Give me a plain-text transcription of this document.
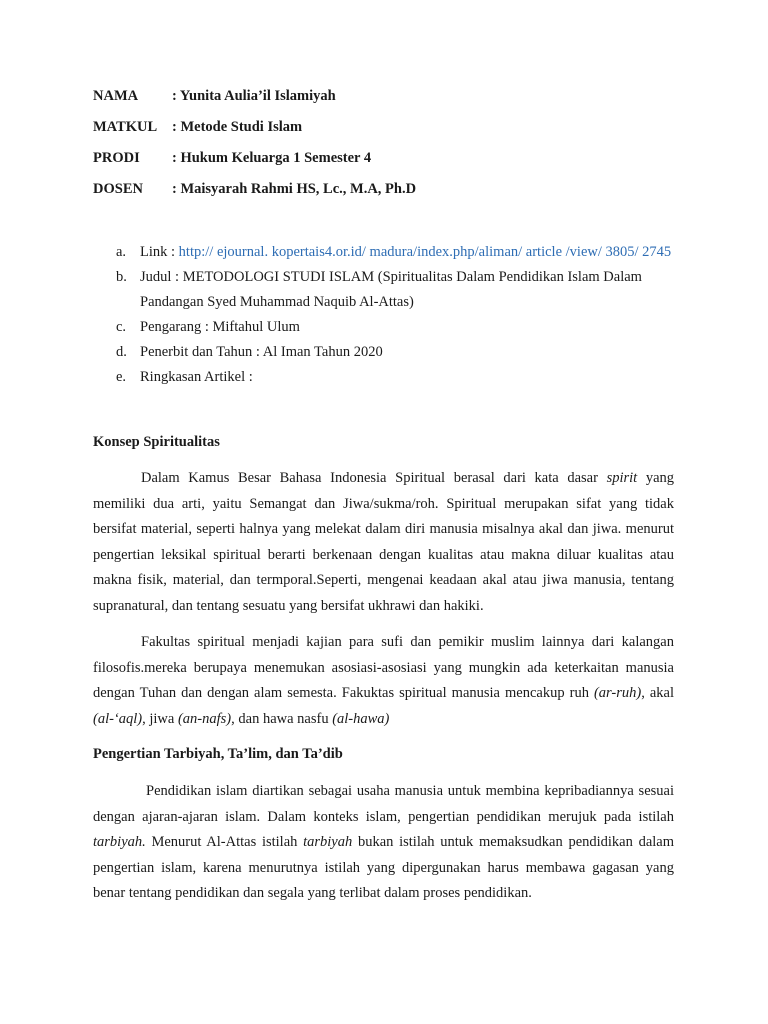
NAMA : Yunita Aulia’il Islamiyah
MATKUL : Metode Studi Islam
PRODI : Hukum Keluarga 1 Semester 4
DOSEN : Maisyarah Rahmi HS, Lc., M.A, Ph.D
a. Link : http:// ejournal. kopertais4.or.id/ madura/index.php/aliman/ article /view/ 3805/ 2745
b. Judul : METODOLOGI STUDI ISLAM (Spiritualitas Dalam Pendidikan Islam Dalam Pandangan Syed Muhammad Naquib Al-Attas)
c. Pengarang : Miftahul Ulum
d. Penerbit dan Tahun : Al Iman Tahun 2020
e. Ringkasan Artikel :
Konsep Spiritualitas

Dalam Kamus Besar Bahasa Indonesia Spiritual berasal dari kata dasar spirit yang memiliki dua arti, yaitu Semangat dan Jiwa/sukma/roh. Spiritual merupakan sifat yang tidak bersifat material, seperti halnya yang melekat dalam diri manusia misalnya akal dan jiwa. menurut pengertian leksikal spiritual berarti berkenaan dengan kualitas atau makna diluar kualitas atau makna fisik, material, dan termporal.Seperti, mengenai keadaan akal atau jiwa manusia, tentang supranatural, dan tentang sesuatu yang bersifat ukhrawi dan hakiki.

Fakultas spiritual menjadi kajian para sufi dan pemikir muslim lainnya dari kalangan filosofis.mereka berupaya menemukan asosiasi-asosiasi yang mungkin ada keterkaitan manusia dengan Tuhan dan dengan alam semesta. Fakuktas spiritual manusia mencakup ruh (ar-ruh), akal (al-‘aql), jiwa (an-nafs), dan hawa nasfu (al-hawa)

Pengertian Tarbiyah, Ta’lim, dan Ta’dib

Pendidikan islam diartikan sebagai usaha manusia untuk membina kepribadiannya sesuai dengan ajaran-ajaran islam. Dalam konteks islam, pengertian pendidikan merujuk pada istilah tarbiyah. Menurut Al-Attas istilah tarbiyah bukan istilah untuk memaksudkan pendidikan dalam pengertian islam, karena menurutnya istilah yang dipergunakan harus membawa gagasan yang benar tentang pendidikan dan segala yang terlibat dalam proses pendidikan.
